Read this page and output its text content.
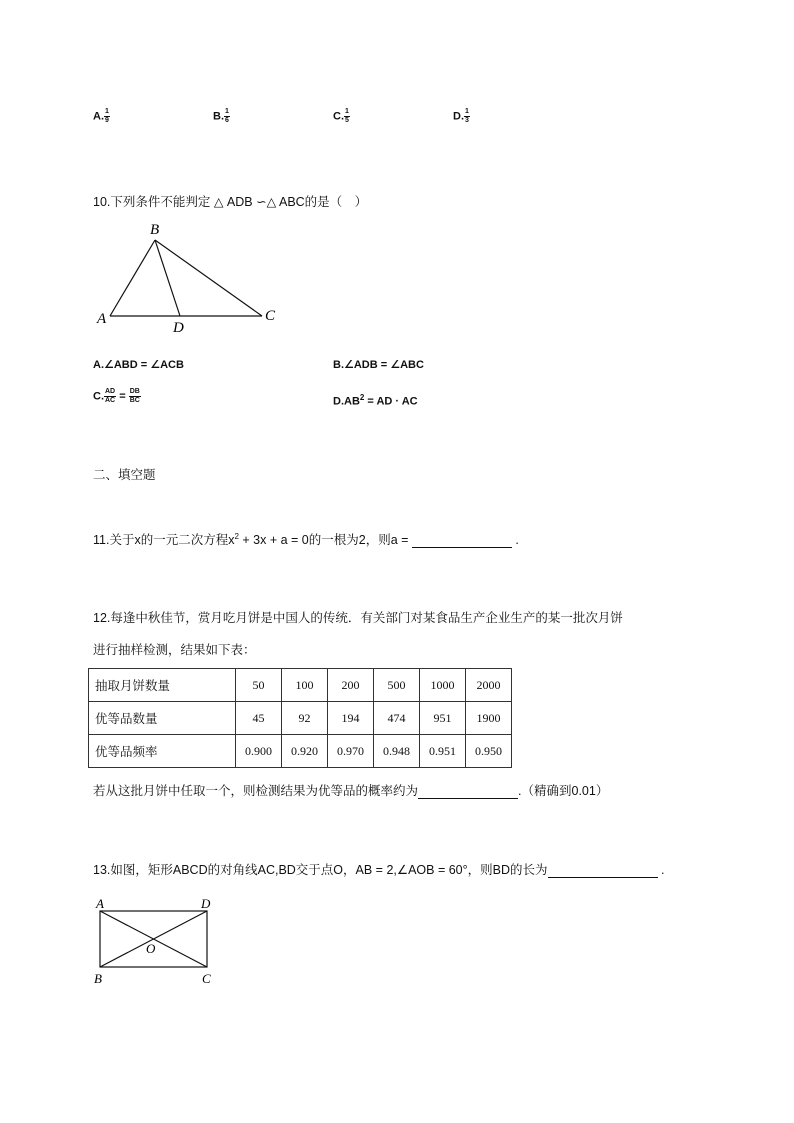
A. $\frac{1}{9}$	B. $\frac{1}{6}$	C. $\frac{1}{5}$	D. $\frac{1}{3}$
10.下列条件不能判定 △ ADB ∽△ ABC的是（　）
B
A
D
C
A.∠ABD = ∠ACB	B.∠ADB = ∠ABC
C. $\frac{AD}{AC} = \frac{DB}{BC}$	$D.AB^2$ = AD · AC
二、填空题
11.关于x的一元二次方程$x^2 + 3x + a = 0$的一根为2，则a =	.
12.每逢中秋佳节，赏月吃月饼是中国人的传统．有关部门对某食品生产企业生产的某一批次月饼
进行抽样检测，结果如下表：
抽取月饼数量	50	100	200	500	1000	2000
优等品数量	45	92	194	474	951	1900
优等品频率	0.900	0.920	0.970	0.948	0.951	0.950
若从这批月饼中任取一个，则检测结果为优等品的概率约为	.（精确到0.01）
13.如图，矩形ABCD的对角线AC,BD交于点O，AB = 2,∠AOB = 60°，则BD的长为	.
A	D
O
B	C
